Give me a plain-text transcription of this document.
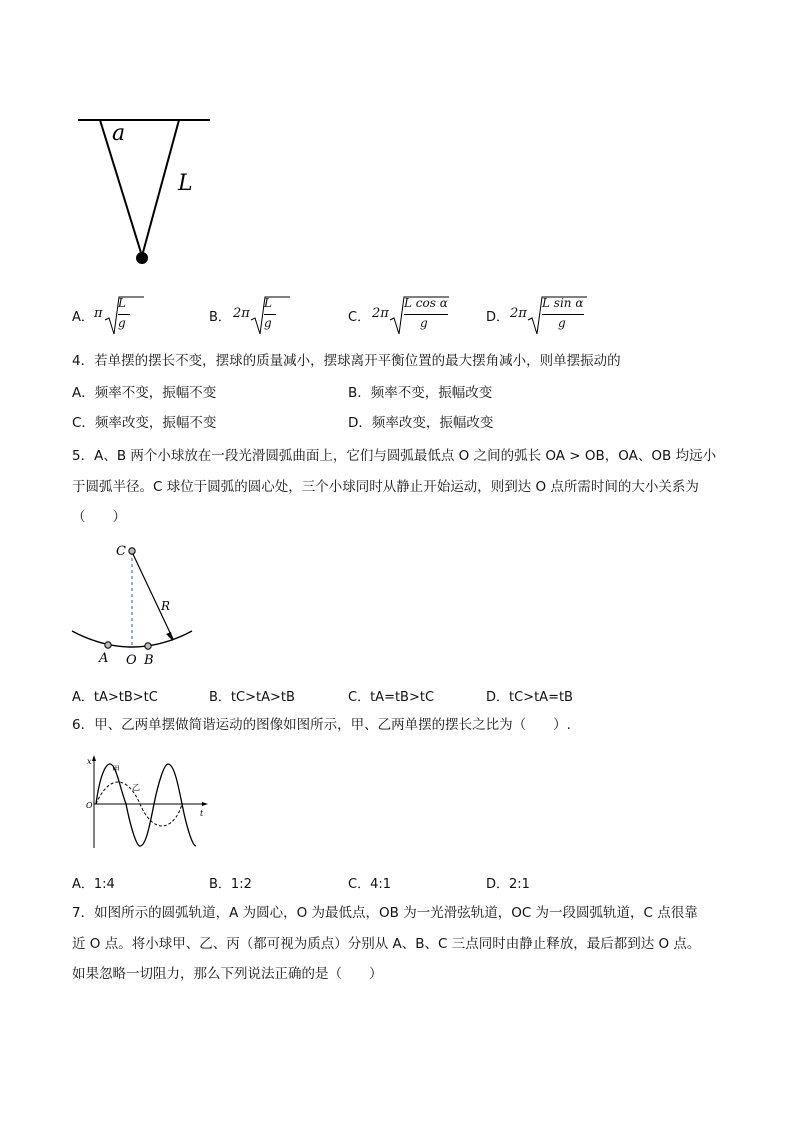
a
L
A． π
L
g	B． 2π
L
g	C． 2π
L cos α
g	D． 2π
L sin α
g
4．若单摆的摆长不变，摆球的质量减小，摆球离开平衡位置的最大摆角减小，则单摆振动的
A．频率不变，振幅不变	B．频率不变，振幅改变
C．频率改变，振幅不变	D．频率改变，振幅改变
5．A、B 两个小球放在一段光滑圆弧曲面上，它们与圆弧最低点 O 之间的弧长 OA > OB，OA、OB 均远小
于圆弧半径。C 球位于圆弧的圆心处，三个小球同时从静止开始运动，则到达 O 点所需时间的大小关系为
（　　）
C
R
A O B
A．tA>tB>tC	B．tC>tA>tB	C．tA=tB>tC	D．tC>tA=tB
6．甲、乙两单摆做简谐运动的图像如图所示，甲、乙两单摆的摆长之比为（　　）.
x
t
O
甲
乙
A．1:4	B．1:2	C．4:1	D．2:1
7．如图所示的圆弧轨道，A 为圆心，O 为最低点，OB 为一光滑弦轨道，OC 为一段圆弧轨道，C 点很靠
近 O 点。将小球甲、乙、丙（都可视为质点）分别从 A、B、C 三点同时由静止释放，最后都到达 O 点。
如果忽略一切阻力，那么下列说法正确的是（　　）
